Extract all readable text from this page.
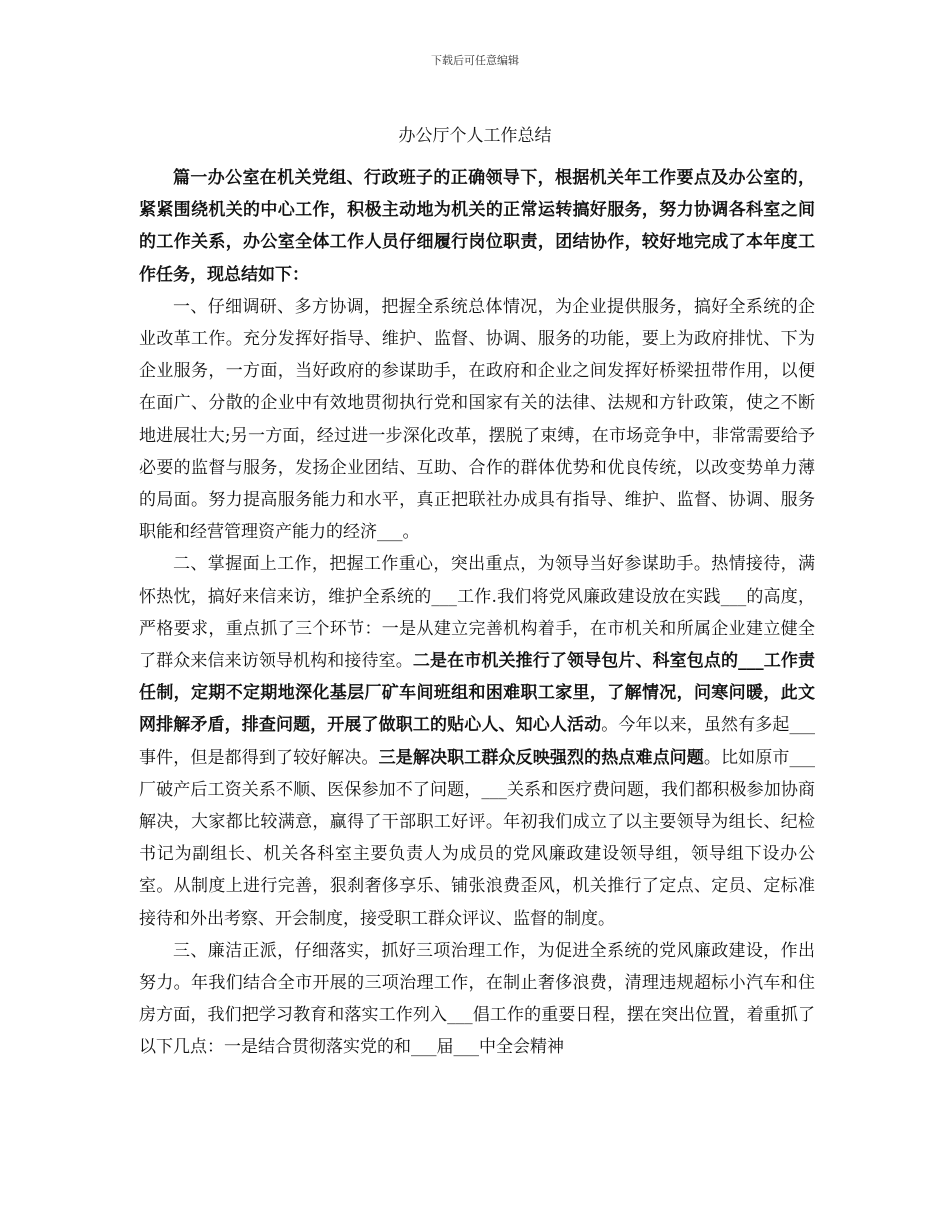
下载后可任意编辑
办公厅个人工作总结

篇一办公室在机关党组、行政班子的正确领导下，根据机关年工作要点及办公室的，紧紧围绕机关的中心工作，积极主动地为机关的正常运转搞好服务，努力协调各科室之间的工作关系，办公室全体工作人员仔细履行岗位职责，团结协作，较好地完成了本年度工作任务，现总结如下：

一、仔细调研、多方协调，把握全系统总体情况，为企业提供服务，搞好全系统的企业改革工作。充分发挥好指导、维护、监督、协调、服务的功能，要上为政府排忧、下为企业服务，一方面，当好政府的参谋助手，在政府和企业之间发挥好桥梁扭带作用，以便在面广、分散的企业中有效地贯彻执行党和国家有关的法律、法规和方针政策，使之不断地进展壮大;另一方面，经过进一步深化改革，摆脱了束缚，在市场竞争中，非常需要给予必要的监督与服务，发扬企业团结、互助、合作的群体优势和优良传统，以改变势单力薄的局面。努力提高服务能力和水平，真正把联社办成具有指导、维护、监督、协调、服务职能和经营管理资产能力的经济___。

二、掌握面上工作，把握工作重心，突出重点，为领导当好参谋助手。热情接待，满怀热忱，搞好来信来访，维护全系统的___工作.我们将党风廉政建设放在实践___的高度，严格要求，重点抓了三个环节：一是从建立完善机构着手，在市机关和所属企业建立健全了群众来信来访领导机构和接待室。二是在市机关推行了领导包片、科室包点的___工作责任制，定期不定期地深化基层厂矿车间班组和困难职工家里，了解情况，问寒问暖，此文网排解矛盾，排查问题，开展了做职工的贴心人、知心人活动。今年以来，虽然有多起___事件，但是都得到了较好解决。三是解决职工群众反映强烈的热点难点问题。比如原市___厂破产后工资关系不顺、医保参加不了问题，___关系和医疗费问题，我们都积极参加协商解决，大家都比较满意，赢得了干部职工好评。年初我们成立了以主要领导为组长、纪检书记为副组长、机关各科室主要负责人为成员的党风廉政建设领导组，领导组下设办公室。从制度上进行完善，狠刹奢侈享乐、铺张浪费歪风，机关推行了定点、定员、定标准接待和外出考察、开会制度，接受职工群众评议、监督的制度。

三、廉洁正派，仔细落实，抓好三项治理工作，为促进全系统的党风廉政建设，作出努力。年我们结合全市开展的三项治理工作，在制止奢侈浪费，清理违规超标小汽车和住房方面，我们把学习教育和落实工作列入___倡工作的重要日程，摆在突出位置，着重抓了以下几点：一是结合贯彻落实党的和___届___中全会精神
